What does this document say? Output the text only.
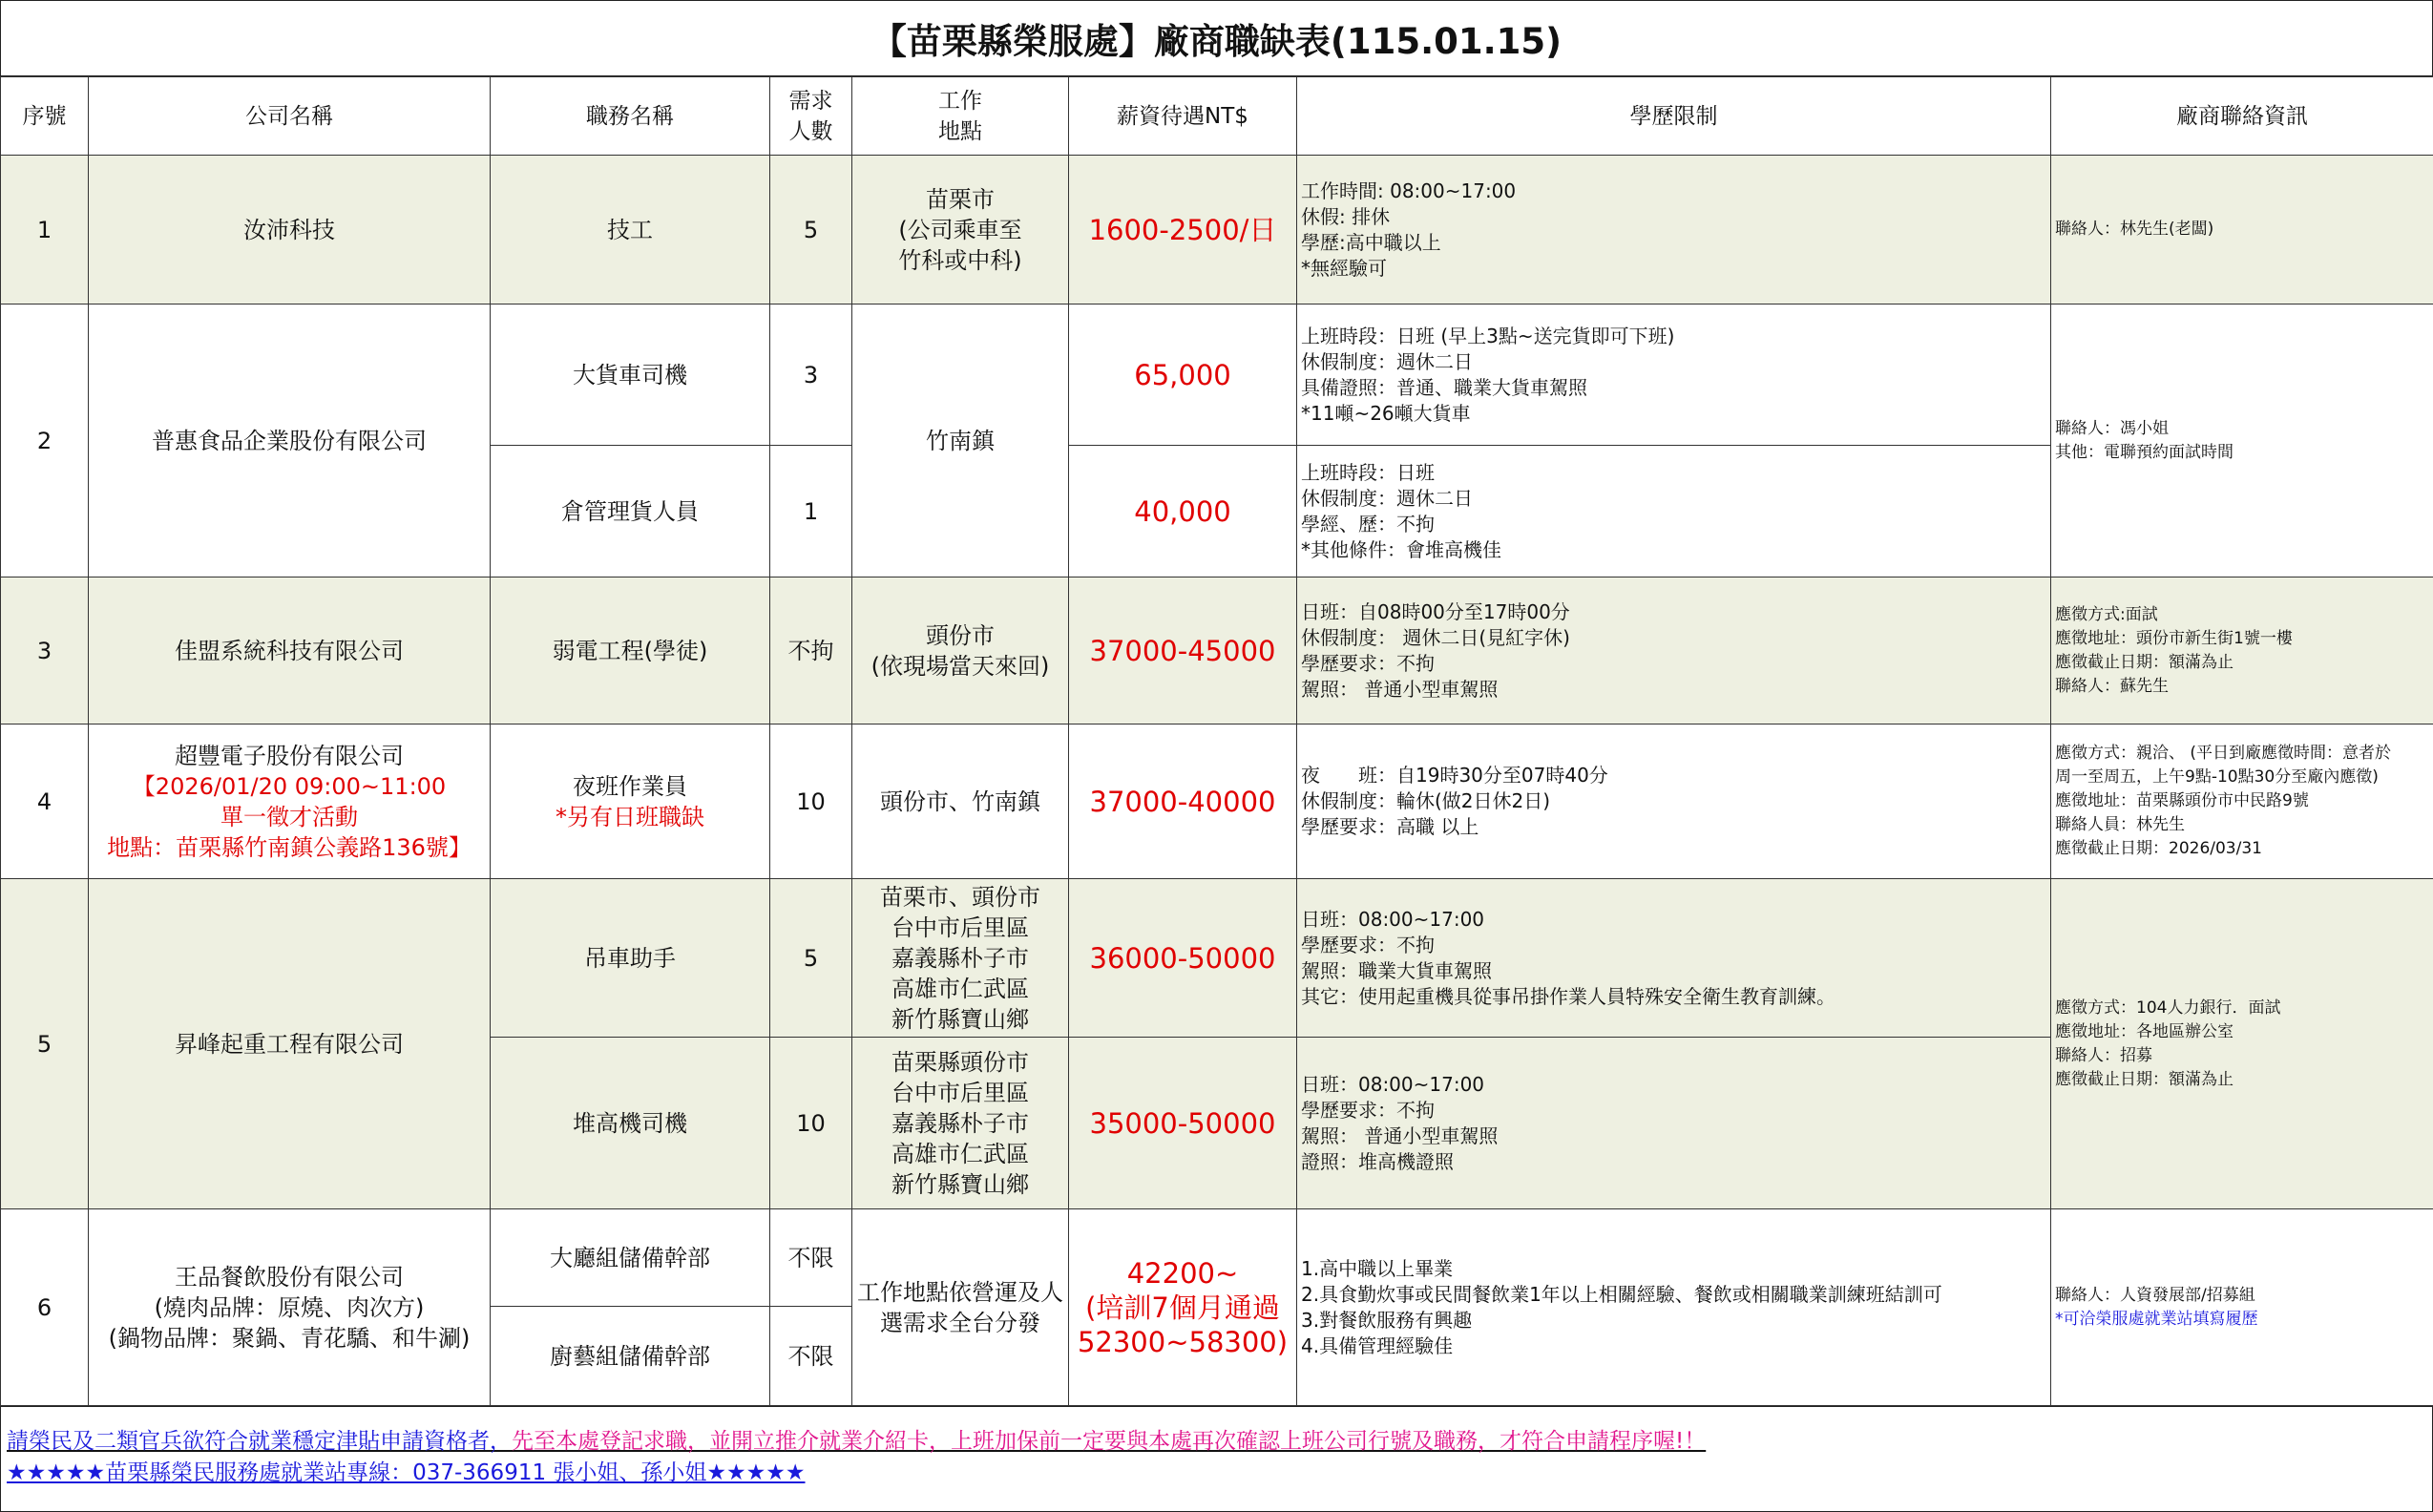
【苗栗縣榮服處】廠商職缺表(115.01.15)
序號	公司名稱	職務名稱	需求
人數	工作
地點	薪資待遇NT$	學歷限制	廠商聯絡資訊
1	汝沛科技	技工	5	苗栗市
(公司乘車至
竹科或中科)	1600-2500/日	工作時間: 08:00~17:00
休假: 排休
學歷:高中職以上
*無經驗可	聯絡人：林先生(老闆)

2	普惠食品企業股份有限公司	大貨車司機	3	竹南鎮	65,000	上班時段：日班 (早上3點~送完貨即可下班)
休假制度：週休二日
具備證照：普通、職業大貨車駕照
*11噸~26噸大貨車	聯絡人：馮小姐
其他：電聯預約面試時間

		倉管理貨人員	1		40,000	上班時段：日班
休假制度：週休二日
學經、歷：不拘
*其他條件：會堆高機佳	

3	佳盟系統科技有限公司	弱電工程(學徒)	不拘	頭份市
(依現場當天來回)	37000-45000	日班：自08時00分至17時00分
休假制度： 週休二日(見紅字休)
學歷要求：不拘
駕照： 普通小型車駕照	應徵方式:面試
應徵地址：頭份市新生街1號一樓
應徵截止日期：額滿為止
聯絡人：蘇先生

4	超豐電子股份有限公司
【2026/01/20 09:00~11:00
單一徵才活動
地點：苗栗縣竹南鎮公義路136號】	夜班作業員
*另有日班職缺	10	頭份市、竹南鎮	37000-40000	夜　　班：自19時30分至07時40分
休假制度：輪休(做2日休2日)
學歷要求：高職 以上	應徵方式：親洽、 (平日到廠應徵時間：意者於
周一至周五，上午9點-10點30分至廠內應徵)
應徵地址：苗栗縣頭份市中民路9號
聯絡人員：林先生
應徵截止日期：2026/03/31

5	昇峰起重工程有限公司	吊車助手	5	苗栗市、頭份市
台中市后里區
嘉義縣朴子市
高雄市仁武區
新竹縣寶山鄉	36000-50000	日班：08:00~17:00
學歷要求：不拘
駕照：職業大貨車駕照
其它：使用起重機具從事吊掛作業人員特殊安全衛生教育訓練。	應徵方式：104人力銀行．面試
應徵地址：各地區辦公室
聯絡人：招募
應徵截止日期：額滿為止

		堆高機司機	10	苗栗縣頭份市
台中市后里區
嘉義縣朴子市
高雄市仁武區
新竹縣寶山鄉	35000-50000	日班：08:00~17:00
學歷要求：不拘
駕照： 普通小型車駕照
證照：堆高機證照	

6	王品餐飲股份有限公司
(燒肉品牌：原燒、肉次方)
(鍋物品牌：聚鍋、青花驕、和牛涮)	大廳組儲備幹部	不限	工作地點依營運及人
選需求全台分發	42200~
(培訓7個月通過
52300~58300)	1.高中職以上畢業
2.具食勤炊事或民間餐飲業1年以上相關經驗、餐飲或相關職業訓練班結訓可
3.對餐飲服務有興趣
4.具備管理經驗佳	聯絡人：人資發展部/招募組
*可洽榮服處就業站填寫履歷

		廚藝組儲備幹部	不限				
請榮民及二類官兵欲符合就業穩定津貼申請資格者，先至本處登記求職，並開立推介就業介紹卡，上班加保前一定要與本處再次確認上班公司行號及職務，才符合申請程序喔!！
★★★★★苗栗縣榮民服務處就業站專線：037-366911 張小姐、孫小姐★★★★★
